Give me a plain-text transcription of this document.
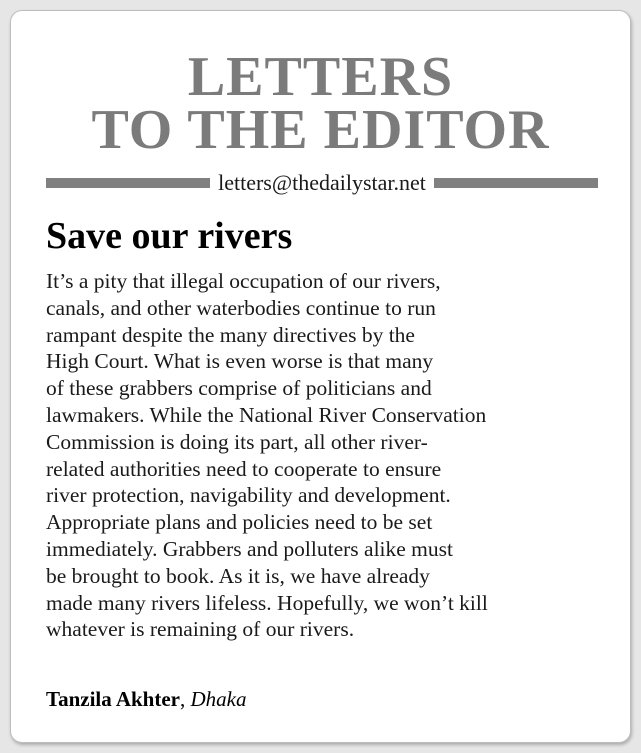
LETTERS
TO THE EDITOR
letters@thedailystar.net
Save our rivers

It’s a pity that illegal occupation of our rivers,
canals, and other waterbodies continue to run
rampant despite the many directives by the
High Court. What is even worse is that many
of these grabbers comprise of politicians and
lawmakers. While the National River Conservation
Commission is doing its part, all other river-
related authorities need to cooperate to ensure
river protection, navigability and development.
Appropriate plans and policies need to be set
immediately. Grabbers and polluters alike must
be brought to book. As it is, we have already
made many rivers lifeless. Hopefully, we won’t kill
whatever is remaining of our rivers.

Tanzila Akhter, Dhaka
